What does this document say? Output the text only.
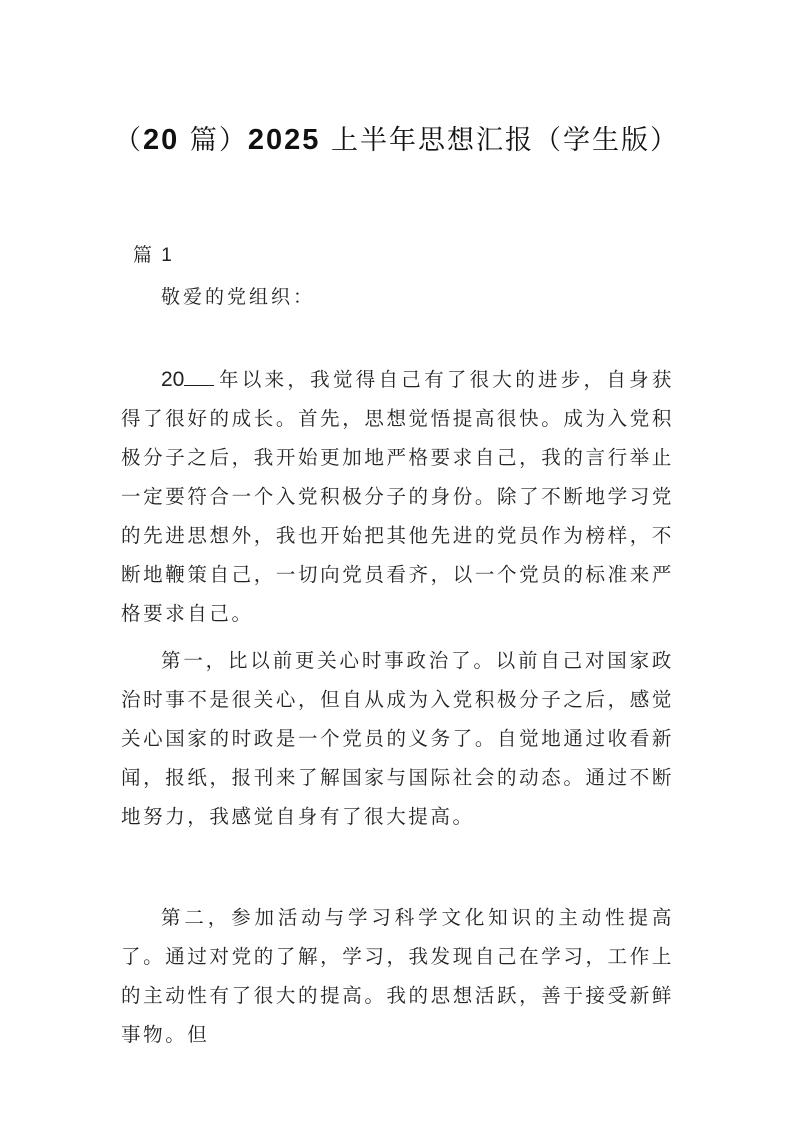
（20 篇）2025 上半年思想汇报（学生版）
篇 1
敬爱的党组织：

20 年以来，我觉得自己有了很大的进步，自身获得了很好的成长。首先，思想觉悟提高很快。成为入党积极分子之后，我开始更加地严格要求自己，我的言行举止一定要符合一个入党积极分子的身份。除了不断地学习党的先进思想外，我也开始把其他先进的党员作为榜样，不断地鞭策自己，一切向党员看齐，以一个党员的标准来严格要求自己。

第一，比以前更关心时事政治了。以前自己对国家政治时事不是很关心，但自从成为入党积极分子之后，感觉关心国家的时政是一个党员的义务了。自觉地通过收看新闻，报纸，报刊来了解国家与国际社会的动态。通过不断地努力，我感觉自身有了很大提高。

第二，参加活动与学习科学文化知识的主动性提高了。通过对党的了解，学习，我发现自己在学习，工作上的主动性有了很大的提高。我的思想活跃，善于接受新鲜事物。但
